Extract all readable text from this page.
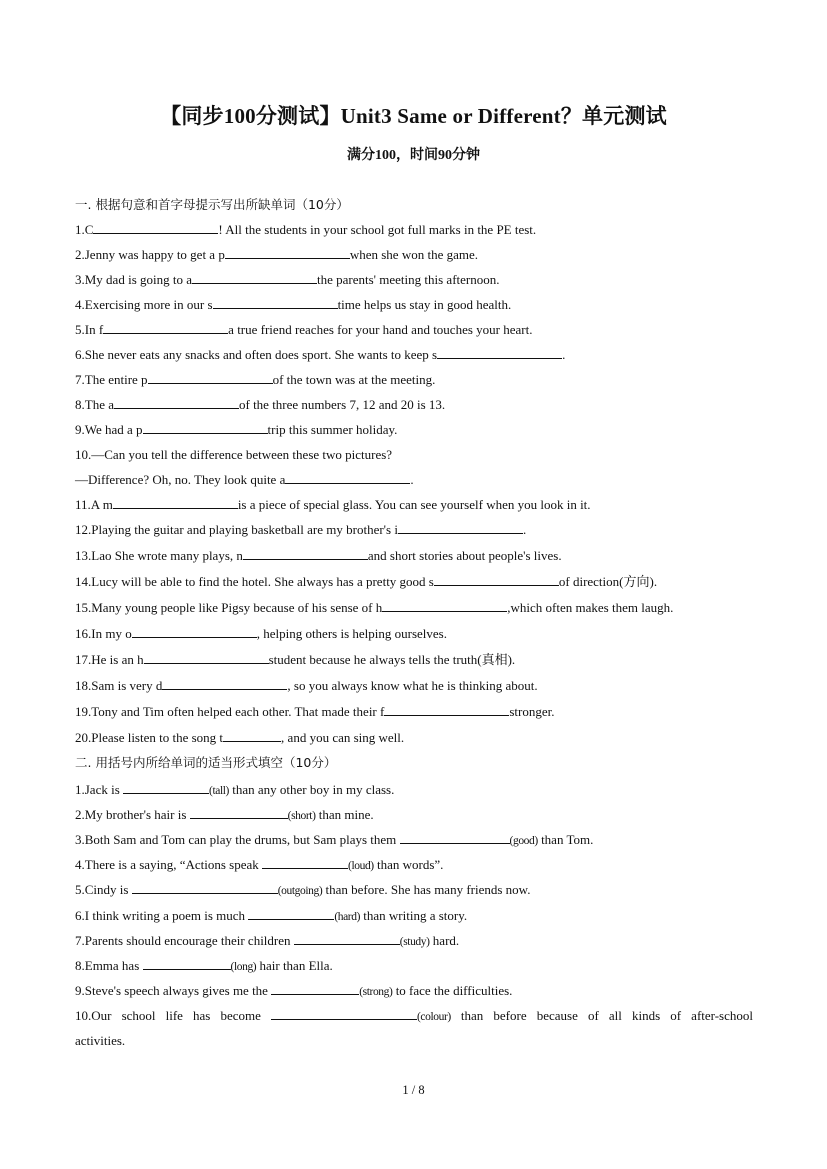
【同步100分测试】Unit3 Same or Different？单元测试
满分100，时间90分钟
一. 根据句意和首字母提示写出所缺单词（10分）
1.C	! All the students in your school got full marks in the PE test.
2.Jenny was happy to get a p	when she won the game.
3.My dad is going to a	the parents' meeting this afternoon.
4.Exercising more in our s	time helps us stay in good health.
5.In f	a true friend reaches for your hand and touches your heart.
6.She never eats any snacks and often does sport. She wants to keep s	.
7.The entire p	of the town was at the meeting.
8.The a	of the three numbers 7, 12 and 20 is 13.
9.We had a p	trip this summer holiday.
10.—Can you tell the difference between these two pictures?
—Difference? Oh, no. They look quite a	.
11.A m	is a piece of special glass. You can see yourself when you look in it.
12.Playing the guitar and playing basketball are my brother's i	.
13.Lao She wrote many plays, n	and short stories about people's lives.
14.Lucy will be able to find the hotel. She always has a pretty good s	of direction(方向).
15.Many young people like Pigsy because of his sense of h	,which often makes them laugh.
16.In my o	, helping others is helping ourselves.
17.He is an h	student because he always tells the truth(真相).
18.Sam is very d	, so you always know what he is thinking about.
19.Tony and Tim often helped each other. That made their f	stronger.
20.Please listen to the song t	, and you can sing well.
二. 用括号内所给单词的适当形式填空（10分）
1.Jack is	(tall) than any other boy in my class.
2.My brother's hair is	(short) than mine.
3.Both Sam and Tom can play the drums, but Sam plays them	(good) than Tom.
4.There is a saying, “Actions speak	(loud) than words”.
5.Cindy is	(outgoing) than before. She has many friends now.
6.I think writing a poem is much	(hard) than writing a story.
7.Parents should encourage their children	(study) hard.
8.Emma has	(long) hair than Ella.
9.Steve's speech always gives me the	(strong) to face the difficulties.
10.Our school life has become	(colour) than before because of all kinds of after-school
activities.
1 / 8
